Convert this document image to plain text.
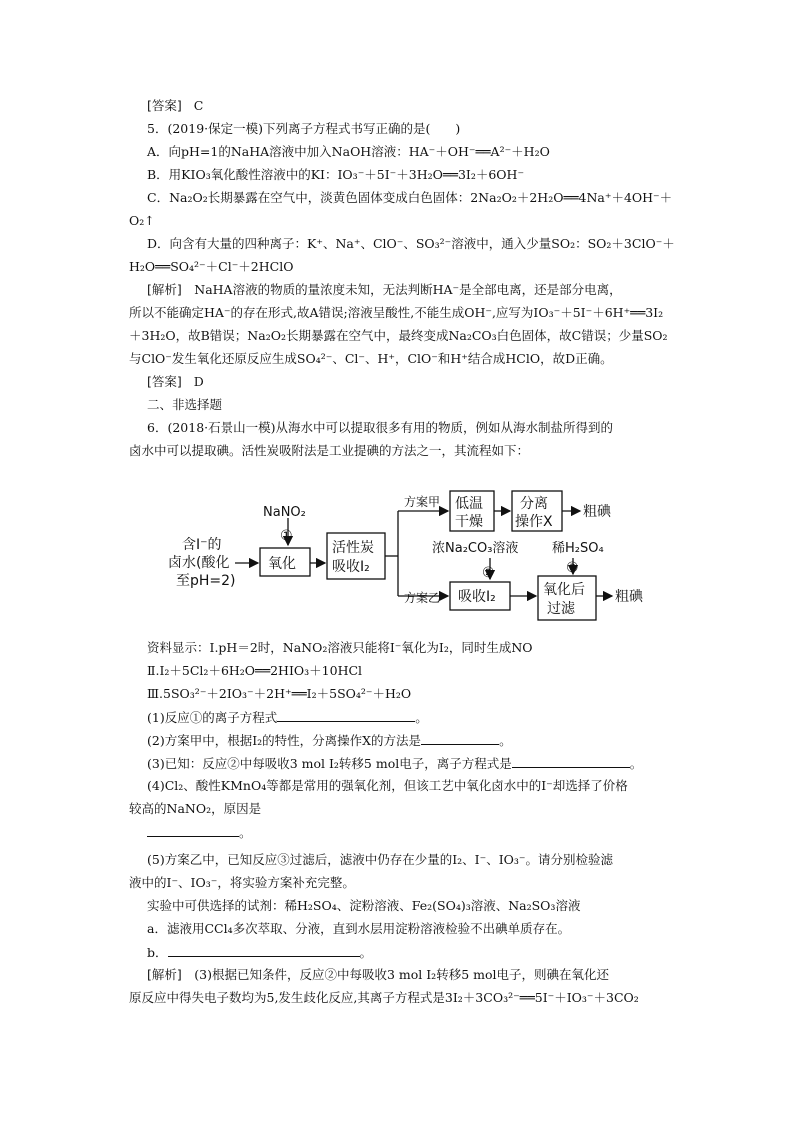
[答案] C
5．(2019·保定一模)下列离子方程式书写正确的是(　　)
A．向pH=1的NaHA溶液中加入NaOH溶液：HA⁻＋OH⁻══A²⁻＋H₂O
B．用KIO₃氧化酸性溶液中的KI：IO₃⁻＋5I⁻＋3H₂O══3I₂＋6OH⁻
C．Na₂O₂长期暴露在空气中，淡黄色固体变成白色固体：2Na₂O₂＋2H₂O══4Na⁺＋4OH⁻＋
O₂↑
D．向含有大量的四种离子：K⁺、Na⁺、ClO⁻、SO₃²⁻溶液中，通入少量SO₂：SO₂＋3ClO⁻＋
H₂O══SO₄²⁻＋Cl⁻＋2HClO
[解析]　NaHA溶液的物质的量浓度未知，无法判断HA⁻是全部电离，还是部分电离，
所以不能确定HA⁻的存在形式,故A错误;溶液呈酸性,不能生成OH⁻,应写为IO₃⁻＋5I⁻＋6H⁺══3I₂
＋3H₂O，故B错误；Na₂O₂长期暴露在空气中，最终变成Na₂CO₃白色固体，故C错误；少量SO₂
与ClO⁻发生氧化还原反应生成SO₄²⁻、Cl⁻、H⁺，ClO⁻和H⁺结合成HClO，故D正确。
[答案] D
二、非选择题
6．(2018·石景山一模)从海水中可以提取很多有用的物质，例如从海水制盐所得到的
卤水中可以提取碘。活性炭吸附法是工业提碘的方法之一，其流程如下：
含I⁻的
卤水(酸化
至pH=2)
NaNO₂
①
氧化
活性炭
吸收I₂
方案甲
方案乙
低温
干燥
分离
操作X
粗碘
浓Na₂CO₃溶液
②
吸收I₂
稀H₂SO₄
③
氧化后
过滤
粗碘
资料显示：Ⅰ.pH＝2时，NaNO₂溶液只能将I⁻氧化为I₂，同时生成NO
Ⅱ.I₂＋5Cl₂＋6H₂O══2HIO₃＋10HCl
Ⅲ.5SO₃²⁻＋2IO₃⁻＋2H⁺══I₂＋5SO₄²⁻＋H₂O
(1)反应①的离子方程式	。
(2)方案甲中，根据I₂的特性，分离操作X的方法是	。
(3)已知：反应②中每吸收3 mol I₂转移5 mol电子，离子方程式是	。
(4)Cl₂、酸性KMnO₄等都是常用的强氧化剂，但该工艺中氧化卤水中的I⁻却选择了价格
较高的NaNO₂，原因是
。
(5)方案乙中，已知反应③过滤后，滤液中仍存在少量的I₂、I⁻、IO₃⁻。请分别检验滤
液中的I⁻、IO₃⁻，将实验方案补充完整。
实验中可供选择的试剂：稀H₂SO₄、淀粉溶液、Fe₂(SO₄)₃溶液、Na₂SO₃溶液
a．滤液用CCl₄多次萃取、分液，直到水层用淀粉溶液检验不出碘单质存在。
b．	。
[解析]　(3)根据已知条件，反应②中每吸收3 mol I₂转移5 mol电子，则碘在氧化还
原反应中得失电子数均为5,发生歧化反应,其离子方程式是3I₂＋3CO₃²⁻══5I⁻＋IO₃⁻＋3CO₂
